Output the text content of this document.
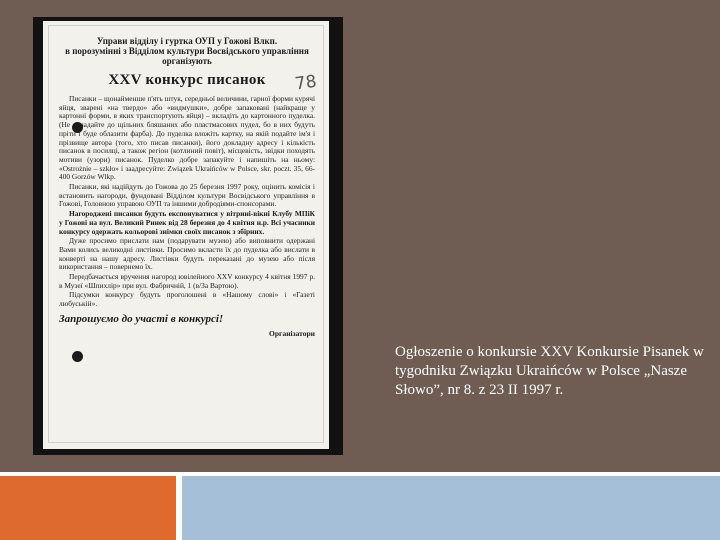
78
Управи відділу і гуртка ОУП у Гожові Влкп.
в порозумінні з Відділом культури Восвідського управління
організують
XXV конкурс писанок

Писанки – щонайменше п'ять штук, середньої величини, гарної форми курячі яйця, зварені «на твердо» або «видмушки», добре запаковані (найкраще у картонні форми, в яких транспортують яйця) – вкладіть до картонного пуделка. (Не вкладайте до щільних бляшаних або пластмасових пудел, бо в них будуть пріти і буде облазити фарба). До пуделка вложіть картку, на якій подайте ім'я і прізвище автора (того, хто писав писанки), його докладну адресу і кількість писанок в посилці, а також регіон (котлиний повіт), місцевість, звідки походять мотиви (узори) писанок. Пуделко добре запакуйте і напишіть на ньому: «Ostrożnie – szkło» і заадресуйте: Związek Ukraińców w Polsce, skr. poczt. 35, 66-400 Gorzów Wlkp.

Писанки, які надійдуть до Гожова до 25 березня 1997 року, оцінить комісія і встановить нагороди, фундовані Відділом культури Восвідського управління в Гожові, Головною управою ОУП та іншими добродіями-спонсорами.

Нагороджені писанки будуть експонуватися у вітрині-вікні Клубу МПіК у Гожові на вул. Великий Ринек від 28 березня до 4 квітня н.р. Всі учасники конкурсу одержать кольорові знімки своїх писанок з збірних.

Дуже просимо прислати нам (подарувати музею) або виповнити одержані Вами колись великодні листівки. Просимо вкласти їх до пуделка або вислати в конверті на нашу адресу. Листівки будуть переказані до музею або після використання – повернемо їх.

Передбачається вручення нагород ювілейного XXV конкурсу 4 квітня 1997 р. в Музеї «Шпихлір» при вул. Фабричній, 1 (в/За Вартою).

Підсумки конкурсу будуть проголошені в «Нашому слові» і «Газеті любуській».

Запрошуємо до участі в конкурсі!
Організатори
Ogłoszenie o konkursie XXV Konkursie Pisanek w tygodniku Związku Ukraińców w Polsce „Nasze Słowo”, nr 8. z 23 II 1997 r.
